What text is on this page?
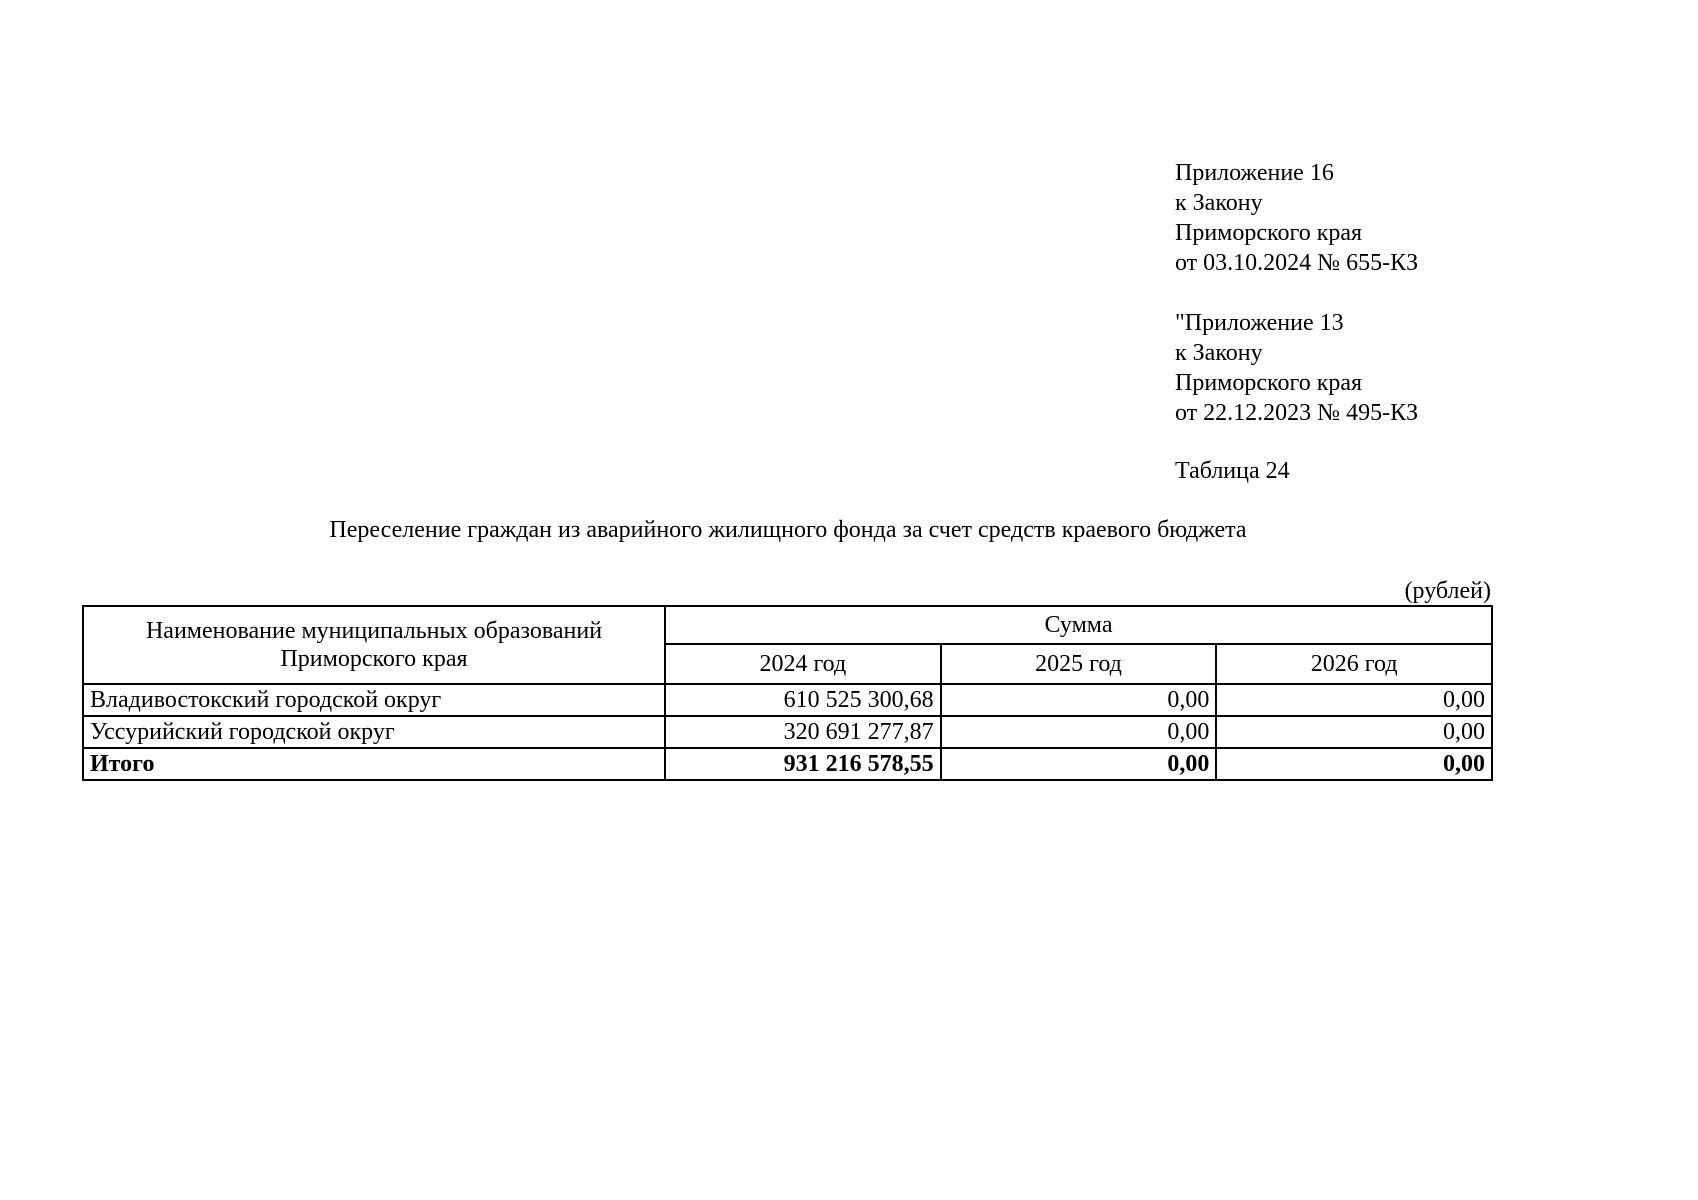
Приложение 16
к Закону
Приморского края
от 03.10.2024 № 655-КЗ
"Приложение 13
к Закону
Приморского края
от 22.12.2023 № 495-КЗ
Таблица 24
Переселение граждан из аварийного жилищного фонда за счет средств краевого бюджета
(рублей)
Наименование муниципальных образований
Приморского края	Сумма		
	2024 год	2025 год	2026 год
Владивостокский городской округ	610 525 300,68	0,00	0,00
Уссурийский городской округ	320 691 277,87	0,00	0,00
Итого	931 216 578,55	0,00	0,00
